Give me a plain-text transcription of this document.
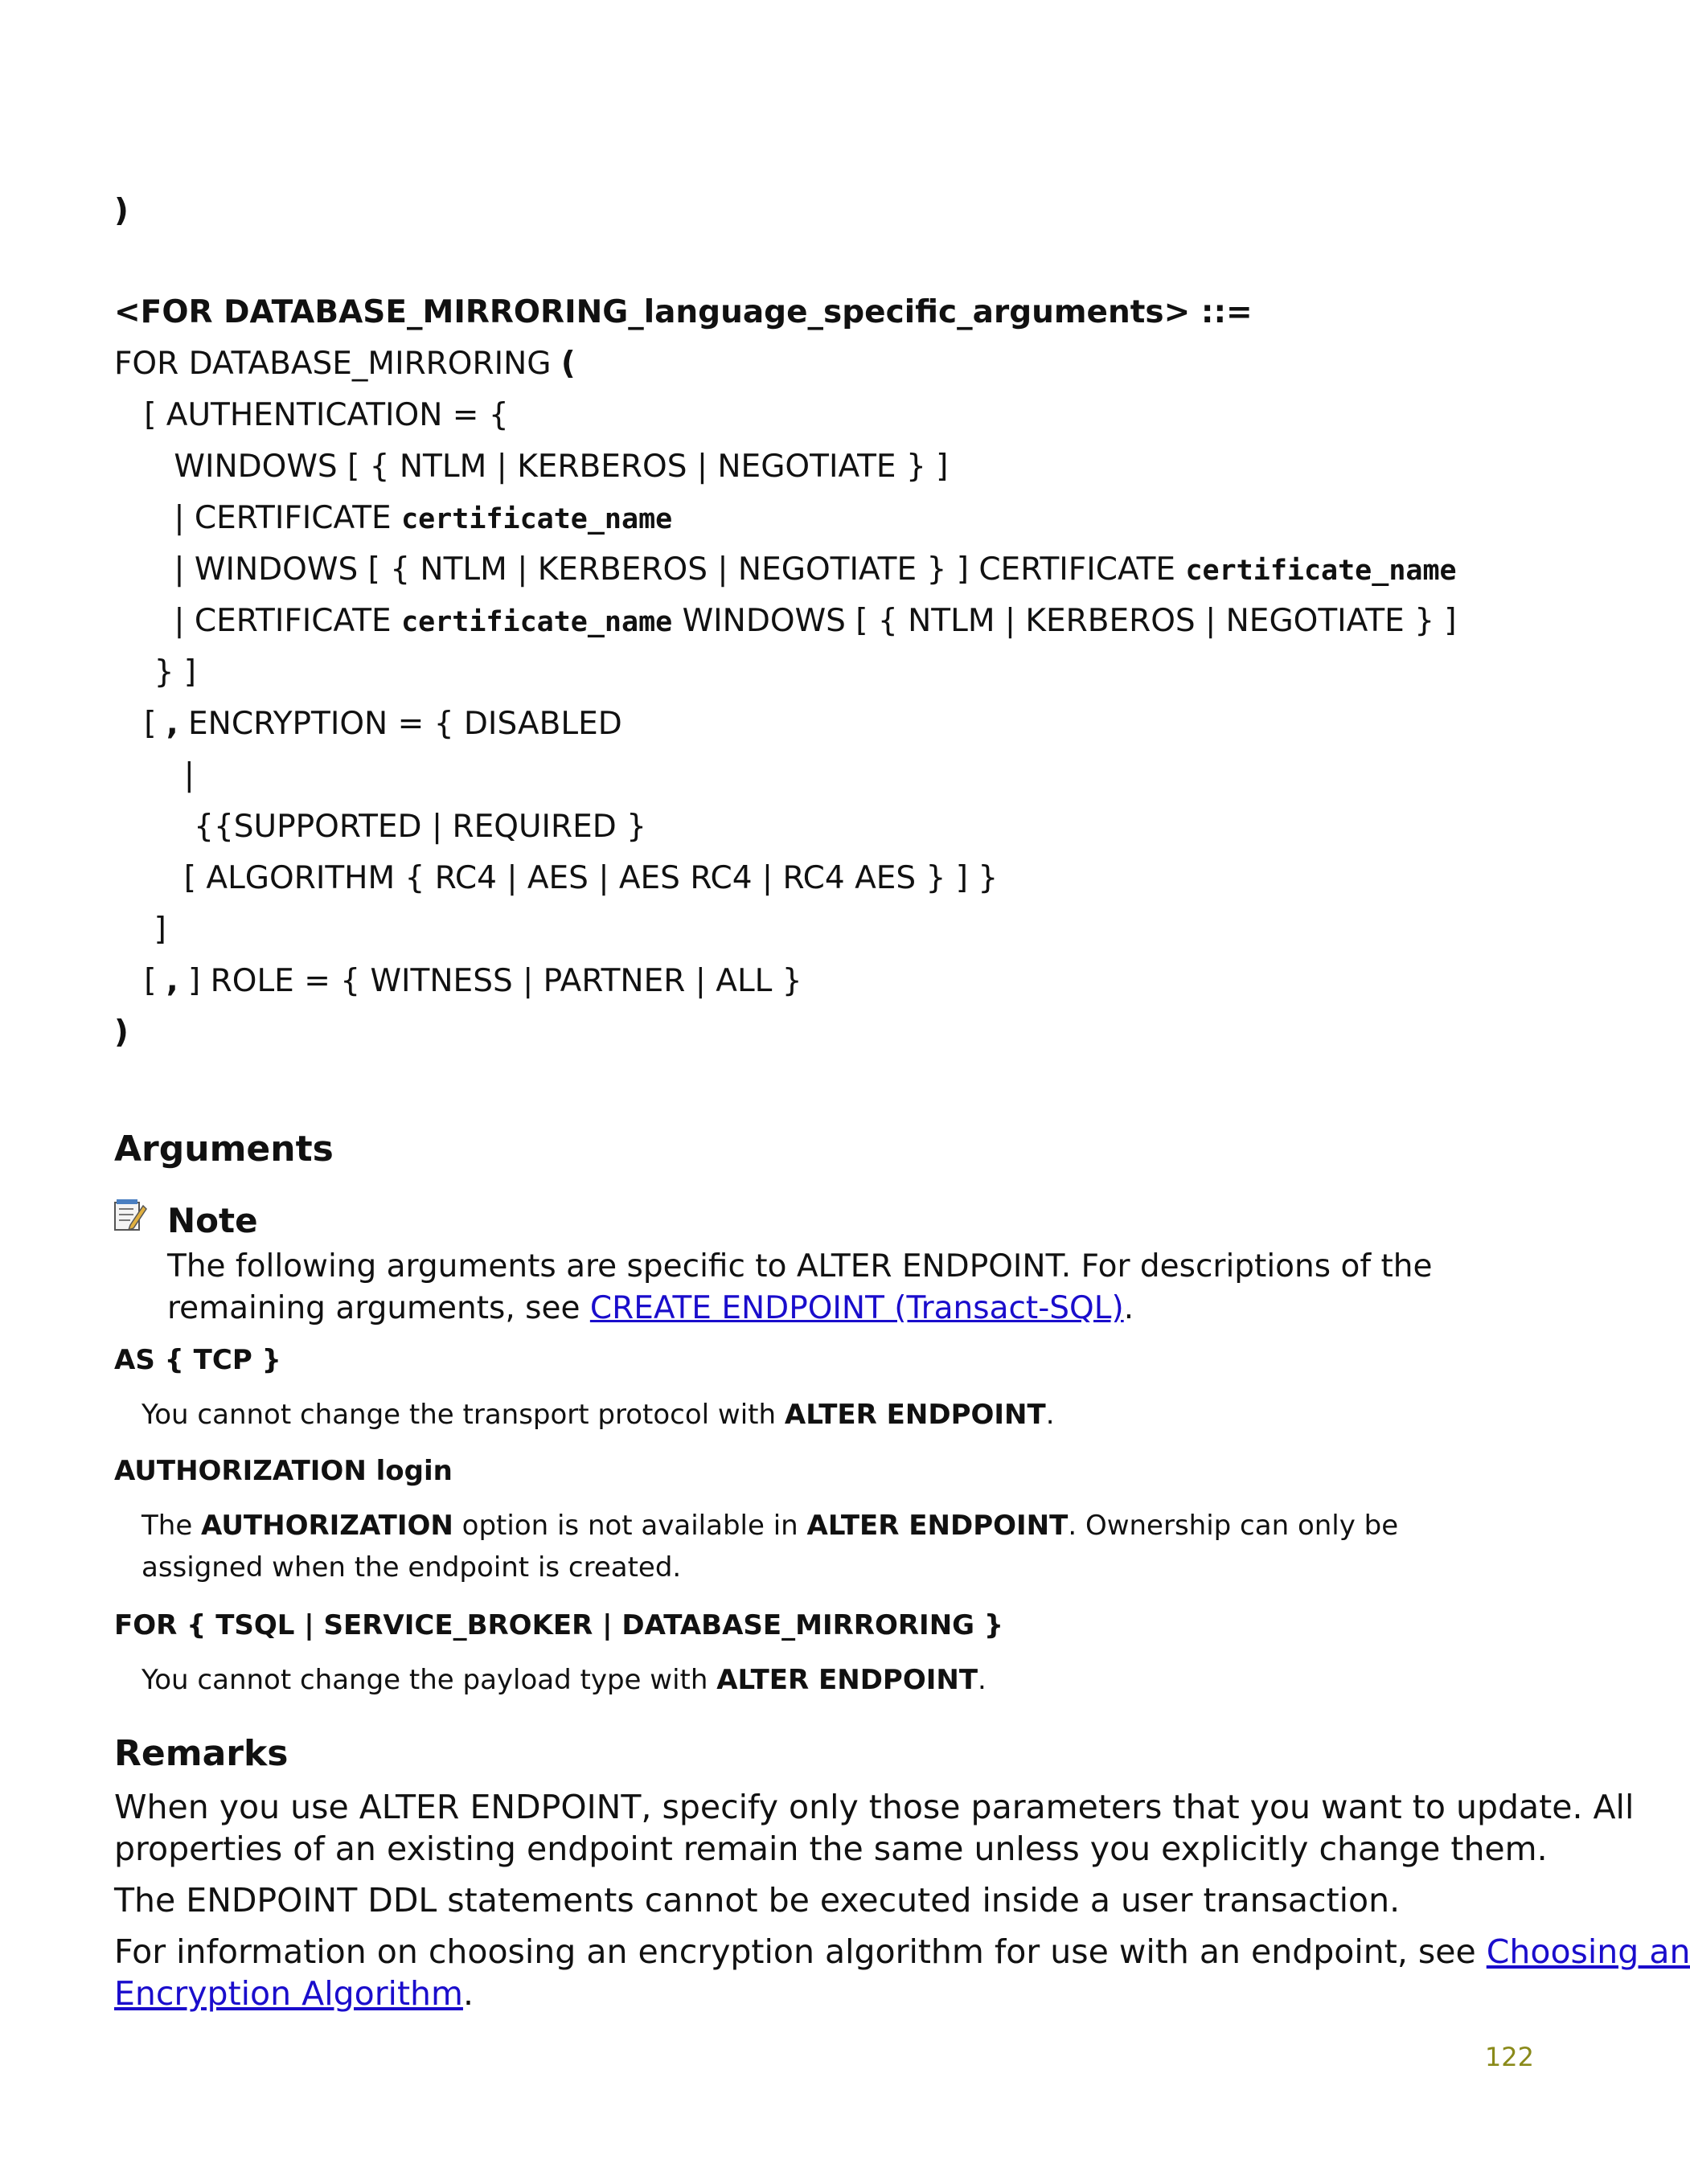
)
<FOR DATABASE_MIRRORING_language_specific_arguments> ::=
FOR DATABASE_MIRRORING (
[ AUTHENTICATION = {
WINDOWS [ { NTLM | KERBEROS | NEGOTIATE } ]
| CERTIFICATE certificate_name
| WINDOWS [ { NTLM | KERBEROS | NEGOTIATE } ] CERTIFICATE certificate_name
| CERTIFICATE certificate_name WINDOWS [ { NTLM | KERBEROS | NEGOTIATE } ]
} ]
[ , ENCRYPTION = { DISABLED
|
{{SUPPORTED | REQUIRED }
[ ALGORITHM { RC4 | AES | AES RC4 | RC4 AES } ] }
]
[ , ] ROLE = { WITNESS | PARTNER | ALL }
)
Arguments
Note
The following arguments are specific to ALTER ENDPOINT. For descriptions of the
remaining arguments, see CREATE ENDPOINT (Transact-SQL).
AS { TCP }
You cannot change the transport protocol with ALTER ENDPOINT.
AUTHORIZATION login
The AUTHORIZATION option is not available in ALTER ENDPOINT. Ownership can only be
assigned when the endpoint is created.
FOR { TSQL | SERVICE_BROKER | DATABASE_MIRRORING }
You cannot change the payload type with ALTER ENDPOINT.
Remarks
When you use ALTER ENDPOINT, specify only those parameters that you want to update. All
properties of an existing endpoint remain the same unless you explicitly change them.
The ENDPOINT DDL statements cannot be executed inside a user transaction.
For information on choosing an encryption algorithm for use with an endpoint, see Choosing an
Encryption Algorithm.
122
